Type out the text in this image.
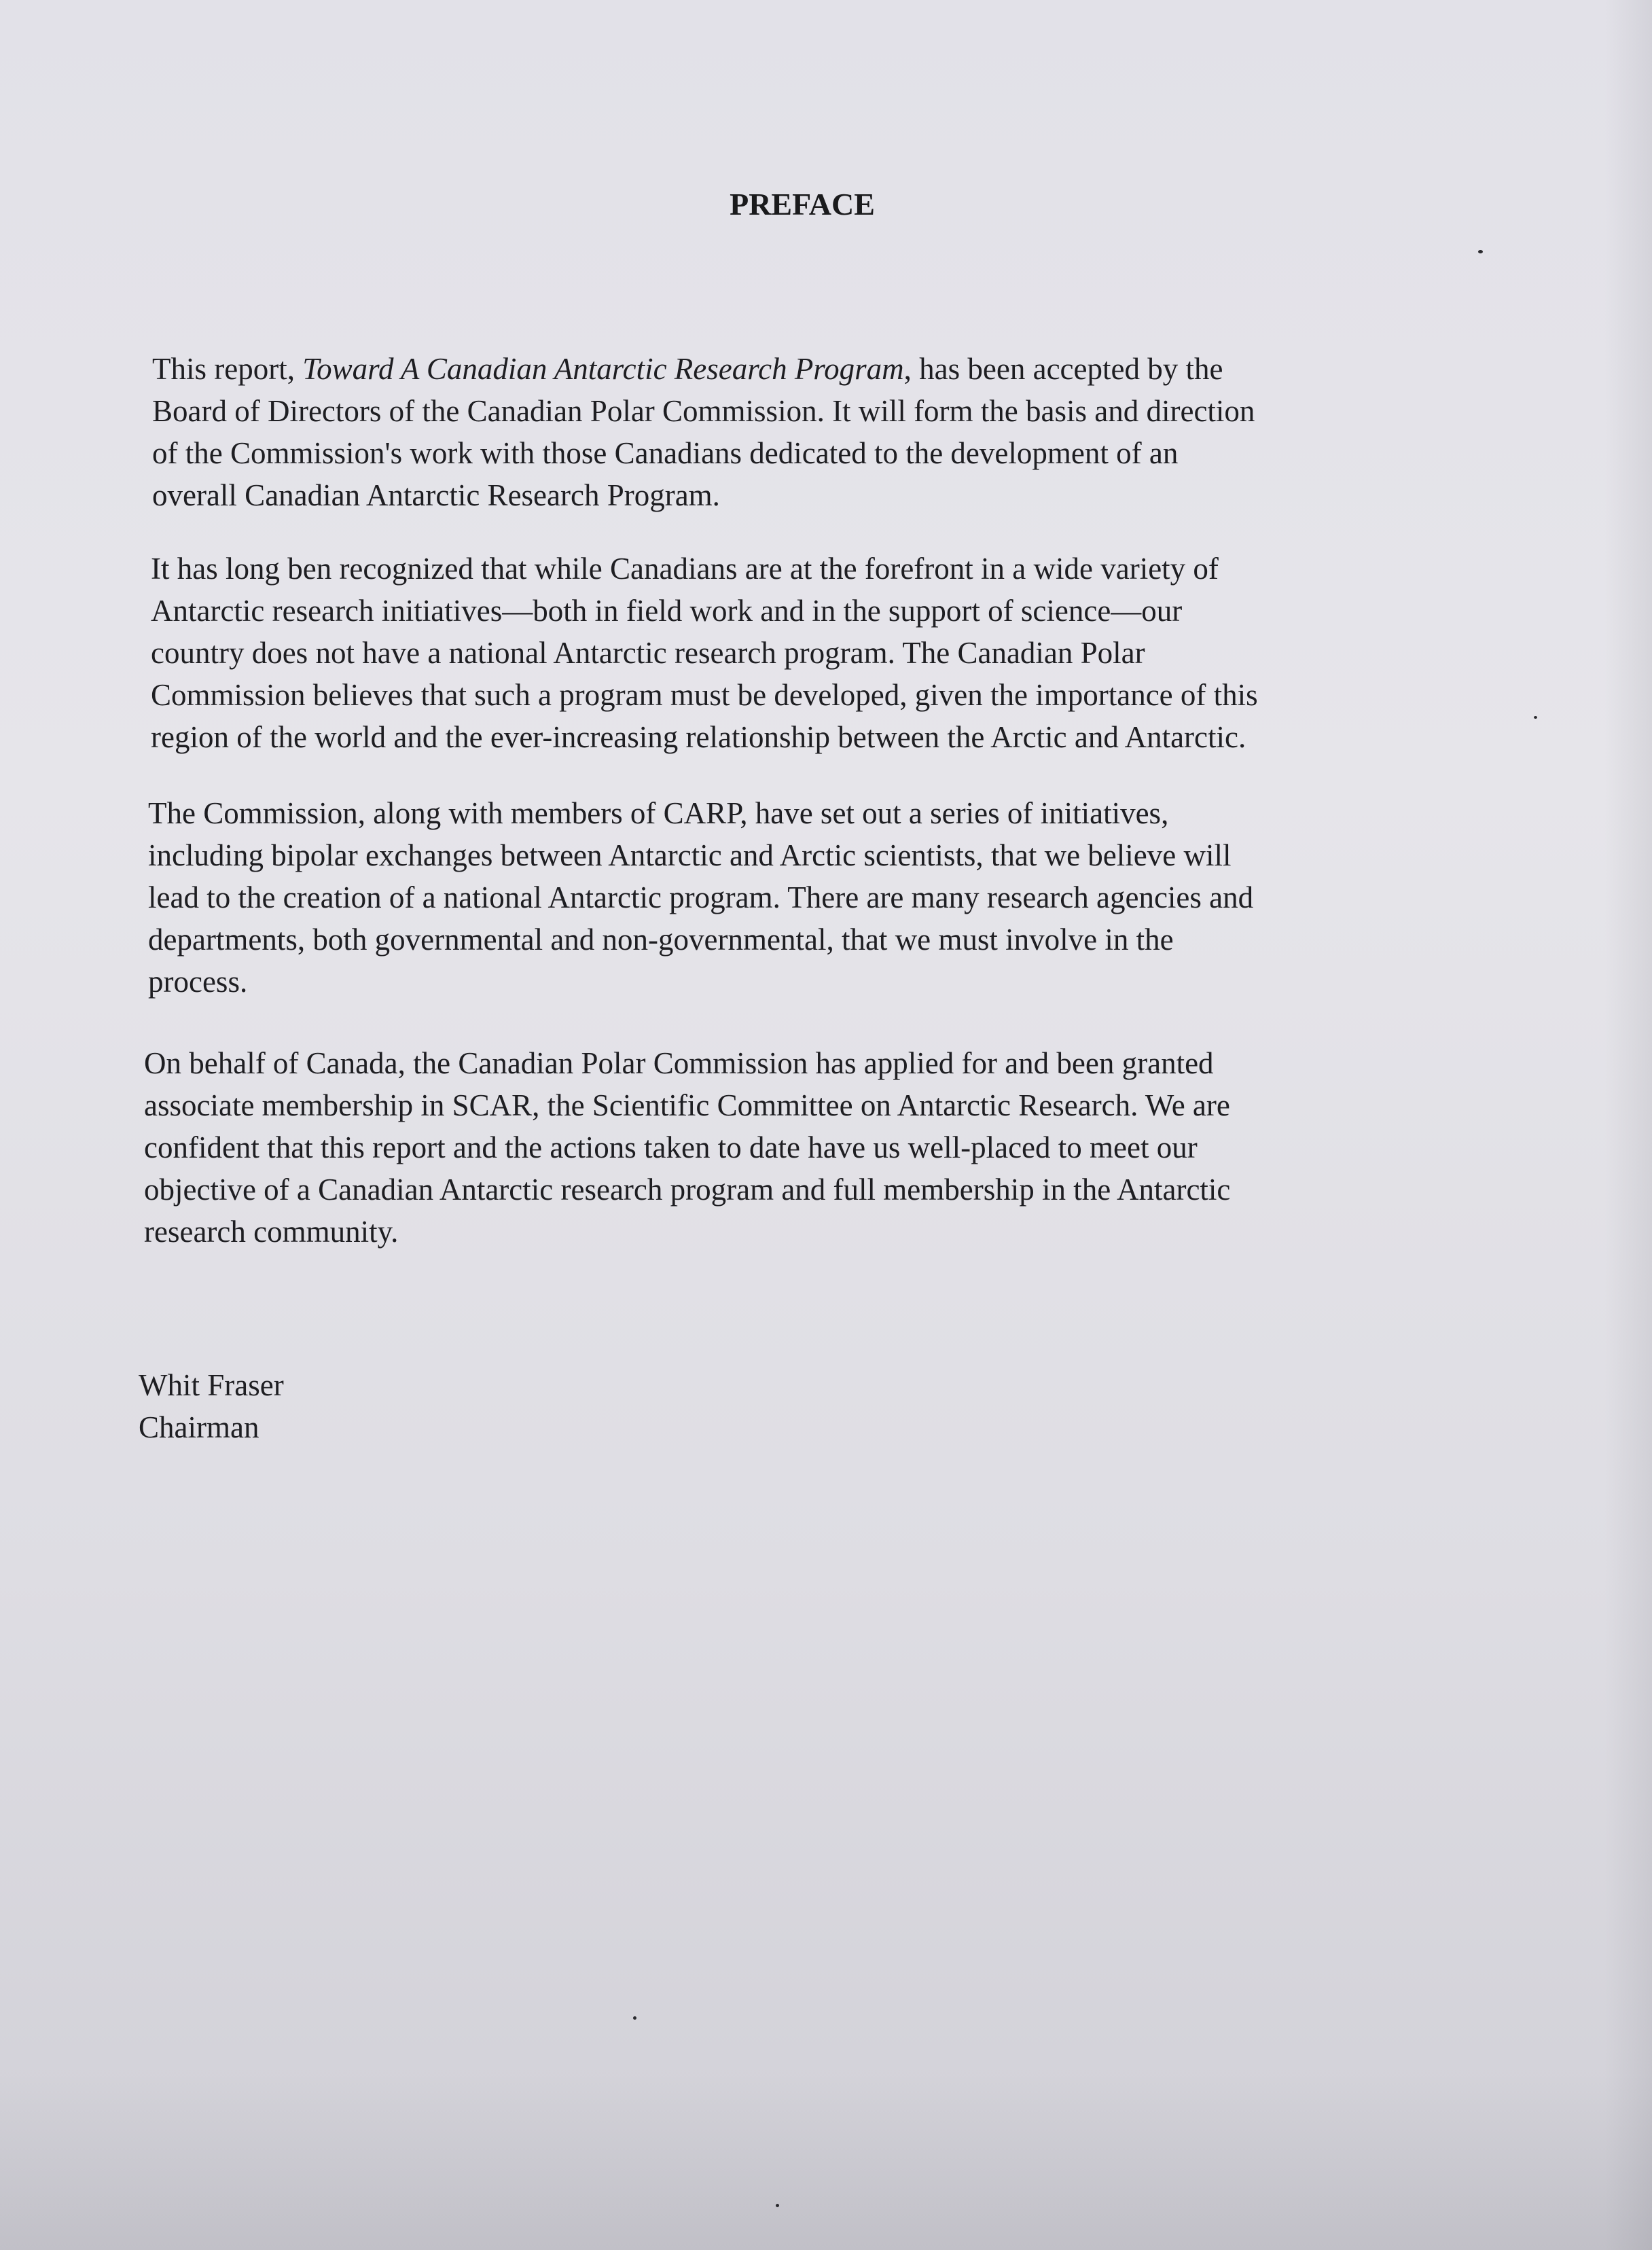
PREFACE

This report, Toward A Canadian Antarctic Research Program, has been accepted by the
Board of Directors of the Canadian Polar Commission. It will form the basis and direction
of the Commission's work with those Canadians dedicated to the development of an
overall Canadian Antarctic Research Program.

It has long ben recognized that while Canadians are at the forefront in a wide variety of
Antarctic research initiatives—both in field work and in the support of science—our
country does not have a national Antarctic research program. The Canadian Polar
Commission believes that such a program must be developed, given the importance of this
region of the world and the ever-increasing relationship between the Arctic and Antarctic.

The Commission, along with members of CARP, have set out a series of initiatives,
including bipolar exchanges between Antarctic and Arctic scientists, that we believe will
lead to the creation of a national Antarctic program. There are many research agencies and
departments, both governmental and non-governmental, that we must involve in the
process.

On behalf of Canada, the Canadian Polar Commission has applied for and been granted
associate membership in SCAR, the Scientific Committee on Antarctic Research. We are
confident that this report and the actions taken to date have us well-placed to meet our
objective of a Canadian Antarctic research program and full membership in the Antarctic
research community.

Whit Fraser
Chairman
